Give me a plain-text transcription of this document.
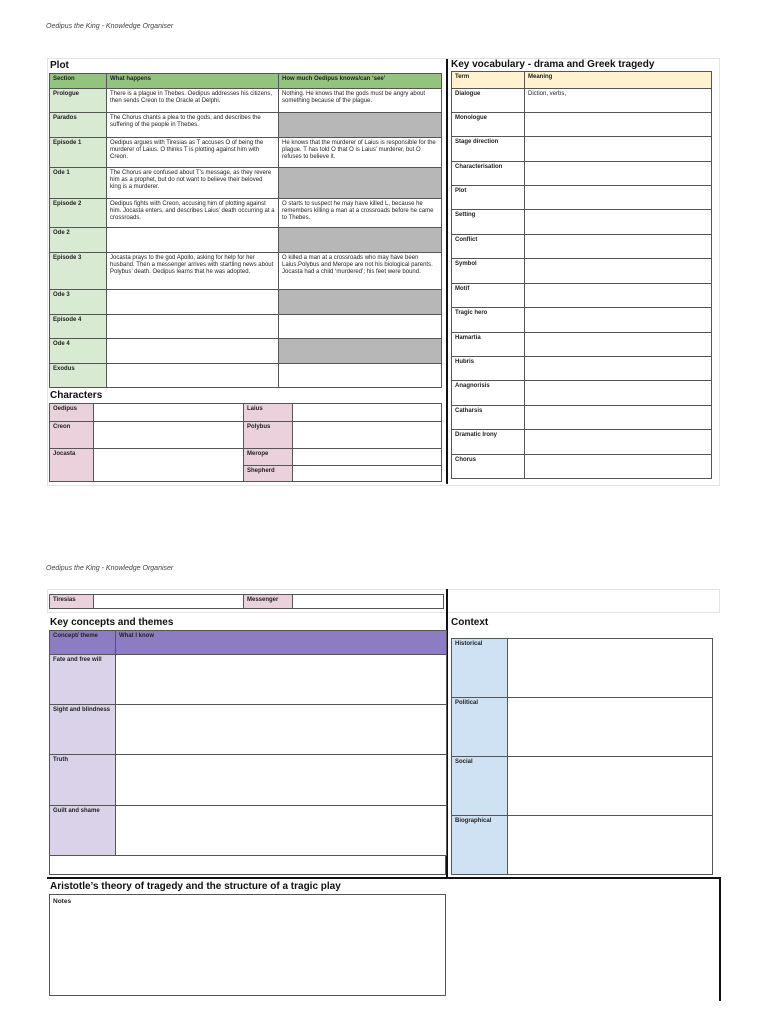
Oedipus the King - Knowledge Organiser
Plot
Section	What happens	How much Oedipus knows/can ‘see’
Prologue	There is a plague in Thebes. Oedipus addresses his citizens, then sends Creon to the Oracle at Delphi.	Nothing. He knows that the gods must be angry about something because of the plague.
Parados	The Chorus chants a plea to the gods, and describes the suffering of the people in Thebes.	
Episode 1	Oedipus argues with Tiresias as T accuses O of being the murderer of Laius. O thinks T is plotting against him with Creon.	He knows that the murderer of Laius is responsible for the plague. T has told O that O is Laius’ murderer, but O refuses to believe it.
Ode 1	The Chorus are confused about T’s message, as they revere him as a prophet, but do not want to believe their beloved king is a murderer.	
Episode 2	Oedipus fights with Creon, accusing him of plotting against him. Jocasta enters, and describes Laius’ death occurring at a crossroads.	O starts to suspect he may have killed L, because he remembers killing a man at a crossroads before he came to Thebes.
Ode 2		
Episode 3	Jocasta prays to the god Apollo, asking for help for her husband. Then a messenger arrives with startling news about Polybus’ death. Oedipus learns that he was adopted.	O killed a man at a crossroads who may have been Laius.Polybus and Merope are not his biological parents. Jocasta had a child ‘murdered’; his feet were bound.
Ode 3		
Episode 4		
Ode 4		
Exodus		
Characters
Oedipus		Laius	
Creon		Polybus	
Jocasta		Merope	
		Shepherd	
Key vocabulary - drama and Greek tragedy
Term	Meaning
Dialogue	Diction, verbs,
Monologue	
Stage direction	
Characterisation	
Plot	
Setting	
Conflict	
Symbol	
Motif	
Tragic hero	
Hamartia	
Hubris	
Anagnorisis	
Catharsis	
Dramatic Irony	
Chorus	
Oedipus the King - Knowledge Organiser
Tiresias		Messenger	
Key concepts and themes
Concept/ theme	What I know
Fate and free will	
Sight and blindness	
Truth	
Guilt and shame	
Context
Historical	
Political	
Social	
Biographical	
Aristotle’s theory of tragedy and the structure of a tragic play
Notes
